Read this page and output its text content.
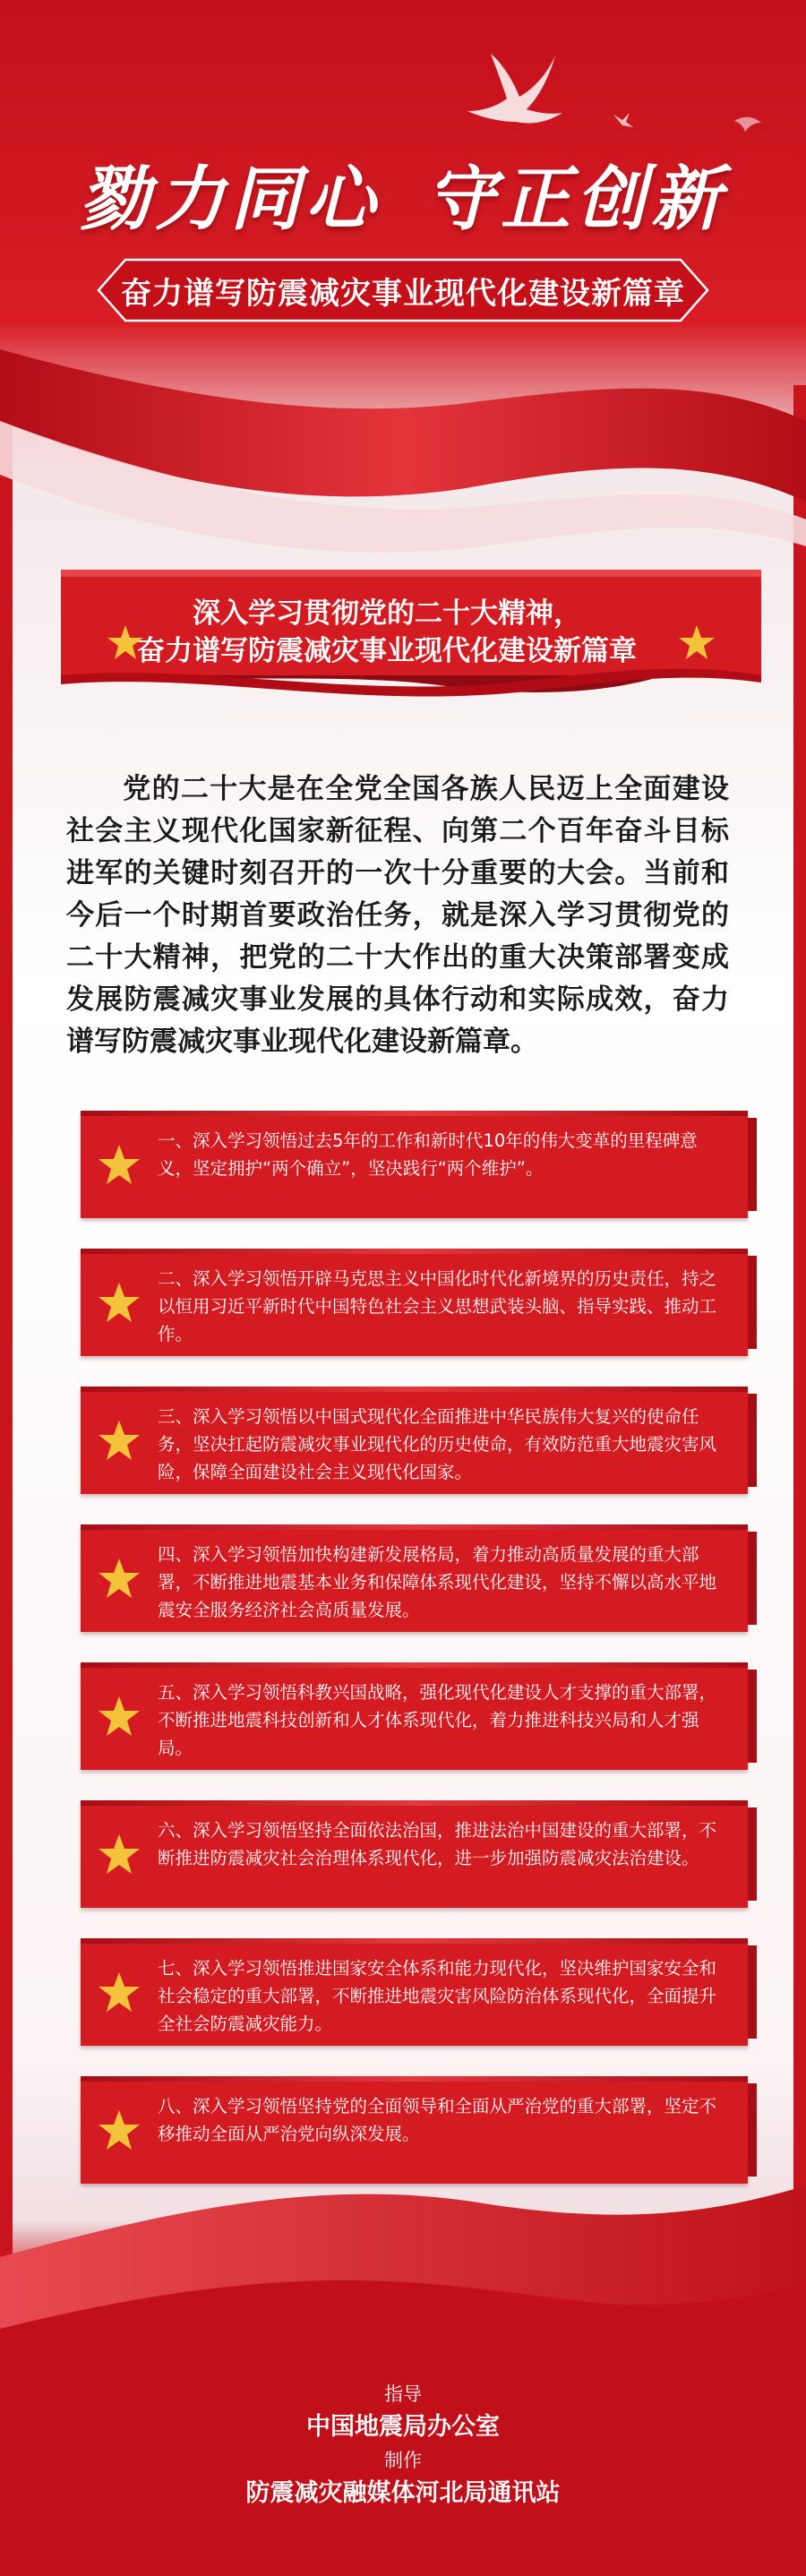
勠力同心 守正创新
奋力谱写防震减灾事业现代化建设新篇章
深入学习贯彻党的二十大精神，
奋力谱写防震减灾事业现代化建设新篇章
党的二十大是在全党全国各族人民迈上全面建设社会主义现代化国家新征程、向第二个百年奋斗目标进军的关键时刻召开的一次十分重要的大会。当前和今后一个时期首要政治任务，就是深入学习贯彻党的二十大精神，把党的二十大作出的重大决策部署变成发展防震减灾事业发展的具体行动和实际成效，奋力谱写防震减灾事业现代化建设新篇章。
一、深入学习领悟过去5年的工作和新时代10年的伟大变革的里程碑意义，坚定拥护“两个确立”，坚决践行“两个维护”。
二、深入学习领悟开辟马克思主义中国化时代化新境界的历史责任，持之以恒用习近平新时代中国特色社会主义思想武装头脑、指导实践、推动工作。
三、深入学习领悟以中国式现代化全面推进中华民族伟大复兴的使命任务，坚决扛起防震减灾事业现代化的历史使命，有效防范重大地震灾害风险，保障全面建设社会主义现代化国家。
四、深入学习领悟加快构建新发展格局，着力推动高质量发展的重大部署，不断推进地震基本业务和保障体系现代化建设，坚持不懈以高水平地震安全服务经济社会高质量发展。
五、深入学习领悟科教兴国战略，强化现代化建设人才支撑的重大部署，不断推进地震科技创新和人才体系现代化，着力推进科技兴局和人才强局。
六、深入学习领悟坚持全面依法治国，推进法治中国建设的重大部署，不断推进防震减灾社会治理体系现代化，进一步加强防震减灾法治建设。
七、深入学习领悟推进国家安全体系和能力现代化，坚决维护国家安全和社会稳定的重大部署，不断推进地震灾害风险防治体系现代化，全面提升全社会防震减灾能力。
八、深入学习领悟坚持党的全面领导和全面从严治党的重大部署，坚定不移推动全面从严治党向纵深发展。
指导
中国地震局办公室
制作
防震减灾融媒体河北局通讯站
